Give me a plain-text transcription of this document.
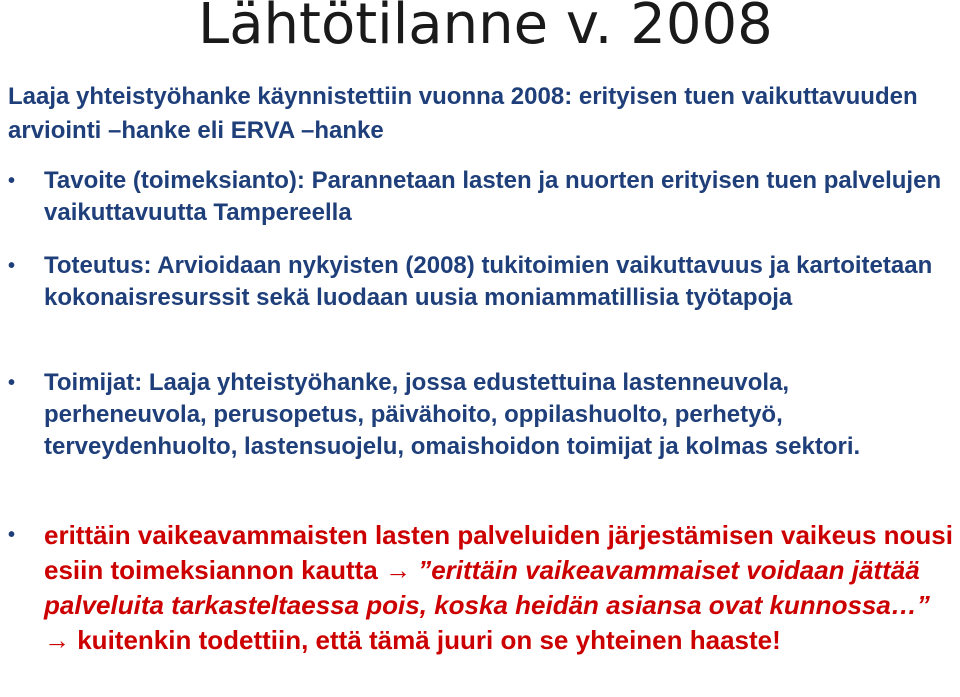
Lähtötilanne v. 2008
Laaja yhteistyöhanke käynnistettiin vuonna 2008: erityisen tuen vaikuttavuuden arviointi –hanke eli ERVA –hanke
• Tavoite (toimeksianto): Parannetaan lasten ja nuorten erityisen tuen palvelujen vaikuttavuutta Tampereella
• Toteutus: Arvioidaan nykyisten (2008) tukitoimien vaikuttavuus ja kartoitetaan kokonaisresurssit sekä luodaan uusia moniammatillisia työtapoja
• Toimijat: Laaja yhteistyöhanke, jossa edustettuina lastenneuvola, perheneuvola, perusopetus, päivähoito, oppilashuolto, perhetyö, terveydenhuolto, lastensuojelu, omaishoidon toimijat ja kolmas sektori.
• erittäin vaikeavammaisten lasten palveluiden järjestämisen vaikeus nousi esiin toimeksiannon kautta → ”erittäin vaikeavammaiset voidaan jättää palveluita tarkasteltaessa pois, koska heidän asiansa ovat kunnossa…” → kuitenkin todettiin, että tämä juuri on se yhteinen haaste!
